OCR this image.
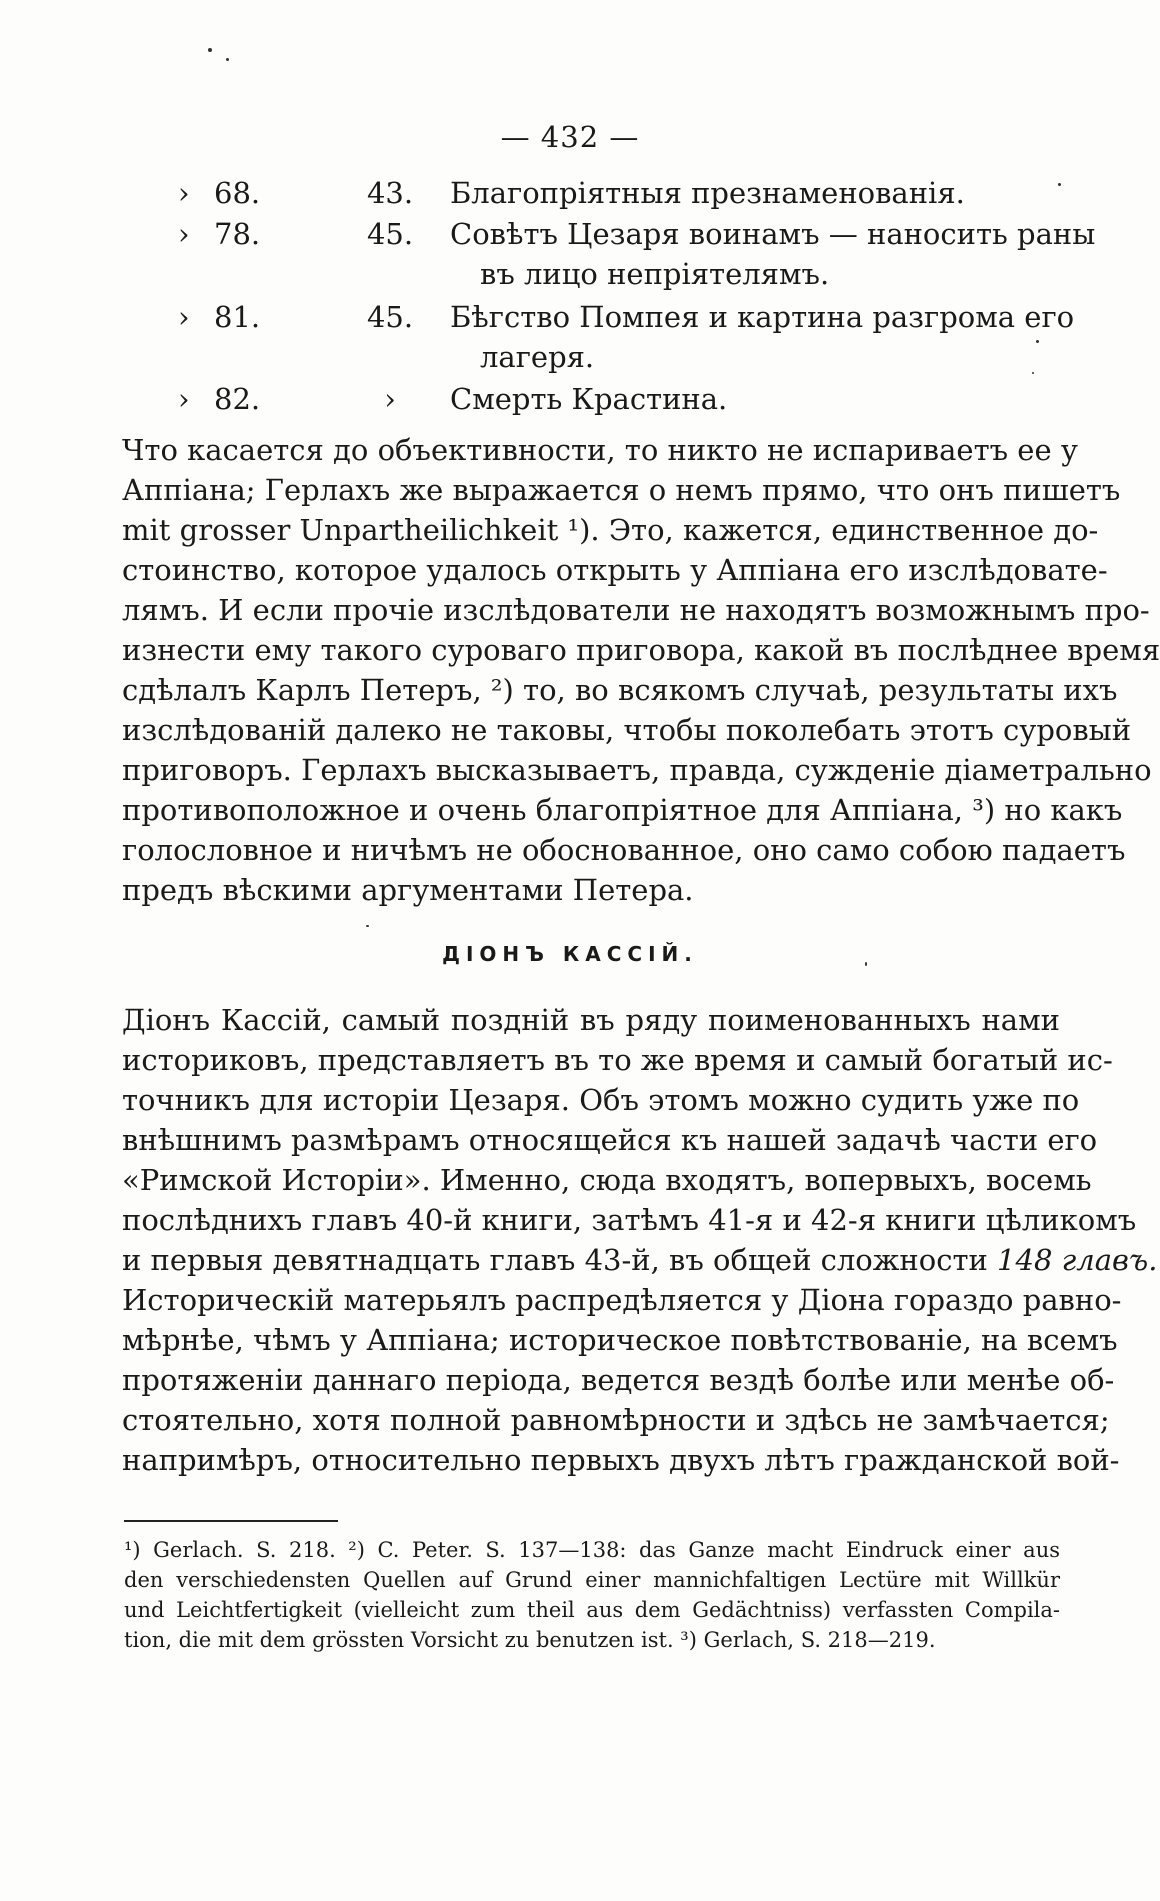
— 432 —
› 68.	43. Благопріятныя презнаменованія.
› 78.	45. Совѣтъ Цезаря воинамъ — наносить раны
въ лицо непріятелямъ.
› 81.	45. Бѣгство Помпея и картина разгрома его
лагеря.
› 82.	›	Смерть Крастина.
Что касается до объективности, то никто не испариваетъ ее у
Аппіана; Герлахъ же выражается о немъ прямо, что онъ пишетъ
mit grosser Unpartheilichkeit ¹). Это, кажется, единственное до-
стоинство, которое удалось открыть у Аппіана его изслѣдовате-
лямъ. И если прочіе изслѣдователи не находятъ возможнымъ про-
изнести ему такого суроваго приговора, какой въ послѣднее время
сдѣлалъ Карлъ Петеръ, ²) то, во всякомъ случаѣ, результаты ихъ
изслѣдованій далеко не таковы, чтобы поколебать этотъ суровый
приговоръ. Герлахъ высказываетъ, правда, сужденіе діаметрально
противоположное и очень благопріятное для Аппіана, ³) но какъ
голословное и ничѣмъ не обоснованное, оно само собою падаетъ
предъ вѣскими аргументами Петера.
ДІОНЪ КАССІЙ.
Діонъ Кассій, самый поздній въ ряду поименованныхъ нами
историковъ, представляетъ въ то же время и самый богатый ис-
точникъ для исторіи Цезаря. Объ этомъ можно судить уже по
внѣшнимъ размѣрамъ относящейся къ нашей задачѣ части его
«Римской Исторіи». Именно, сюда входятъ, вопервыхъ, восемь
послѣднихъ главъ 40-й книги, затѣмъ 41-я и 42-я книги цѣликомъ
и первыя девятнадцать главъ 43-й, въ общей сложности 148 главъ.
Историческій матерьялъ распредѣляется у Діона гораздо равно-
мѣрнѣе, чѣмъ у Аппіана; историческое повѣтствованіе, на всемъ
протяженіи даннаго періода, ведется вездѣ болѣе или менѣе об-
стоятельно, хотя полной равномѣрности и здѣсь не замѣчается;
напримѣръ, относительно первыхъ двухъ лѣтъ гражданской вой-
¹) Gerlach. S. 218. ²) C. Peter. S. 137—138: das Ganze macht Eindruck einer aus
den verschiedensten Quellen auf Grund einer mannichfaltigen Lectüre mit Willkür
und Leichtfertigkeit (vielleicht zum theil aus dem Gedächtniss) verfassten Compila-
tion, die mit dem grössten Vorsicht zu benutzen ist. ³) Gerlach, S. 218—219.
